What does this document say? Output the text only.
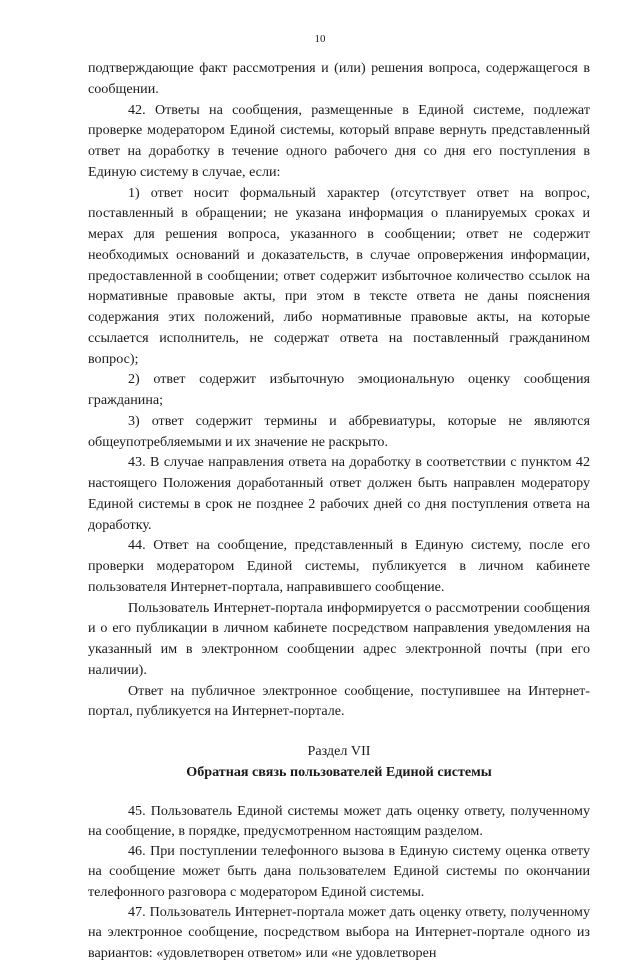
10

подтверждающие факт рассмотрения и (или) решения вопроса, содержащегося в сообщении.

42. Ответы на сообщения, размещенные в Единой системе, подлежат проверке модератором Единой системы, который вправе вернуть представленный ответ на доработку в течение одного рабочего дня со дня его поступления в Единую систему в случае, если:

1) ответ носит формальный характер (отсутствует ответ на вопрос, поставленный в обращении; не указана информация о планируемых сроках и мерах для решения вопроса, указанного в сообщении; ответ не содержит необходимых оснований и доказательств, в случае опровержения информации, предоставленной в сообщении; ответ содержит избыточное количество ссылок на нормативные правовые акты, при этом в тексте ответа не даны пояснения содержания этих положений, либо нормативные правовые акты, на которые ссылается исполнитель, не содержат ответа на поставленный гражданином вопрос);

2) ответ содержит избыточную эмоциональную оценку сообщения гражданина;

3) ответ содержит термины и аббревиатуры, которые не являются общеупотребляемыми и их значение не раскрыто.

43. В случае направления ответа на доработку в соответствии с пунктом 42 настоящего Положения доработанный ответ должен быть направлен модератору Единой системы в срок не позднее 2 рабочих дней со дня поступления ответа на доработку.

44. Ответ на сообщение, представленный в Единую систему, после его проверки модератором Единой системы, публикуется в личном кабинете пользователя Интернет-портала, направившего сообщение.

Пользователь Интернет-портала информируется о рассмотрении сообщения и о его публикации в личном кабинете посредством направления уведомления на указанный им в электронном сообщении адрес электронной почты (при его наличии).

Ответ на публичное электронное сообщение, поступившее на Интернет-портал, публикуется на Интернет-портале.

Раздел VII
Обратная связь пользователей Единой системы

45. Пользователь Единой системы может дать оценку ответу, полученному на сообщение, в порядке, предусмотренном настоящим разделом.

46. При поступлении телефонного вызова в Единую систему оценка ответу на сообщение может быть дана пользователем Единой системы по окончании телефонного разговора с модератором Единой системы.

47. Пользователь Интернет-портала может дать оценку ответу, полученному на электронное сообщение, посредством выбора на Интернет-портале одного из вариантов: «удовлетворен ответом» или «не удовлетворен
